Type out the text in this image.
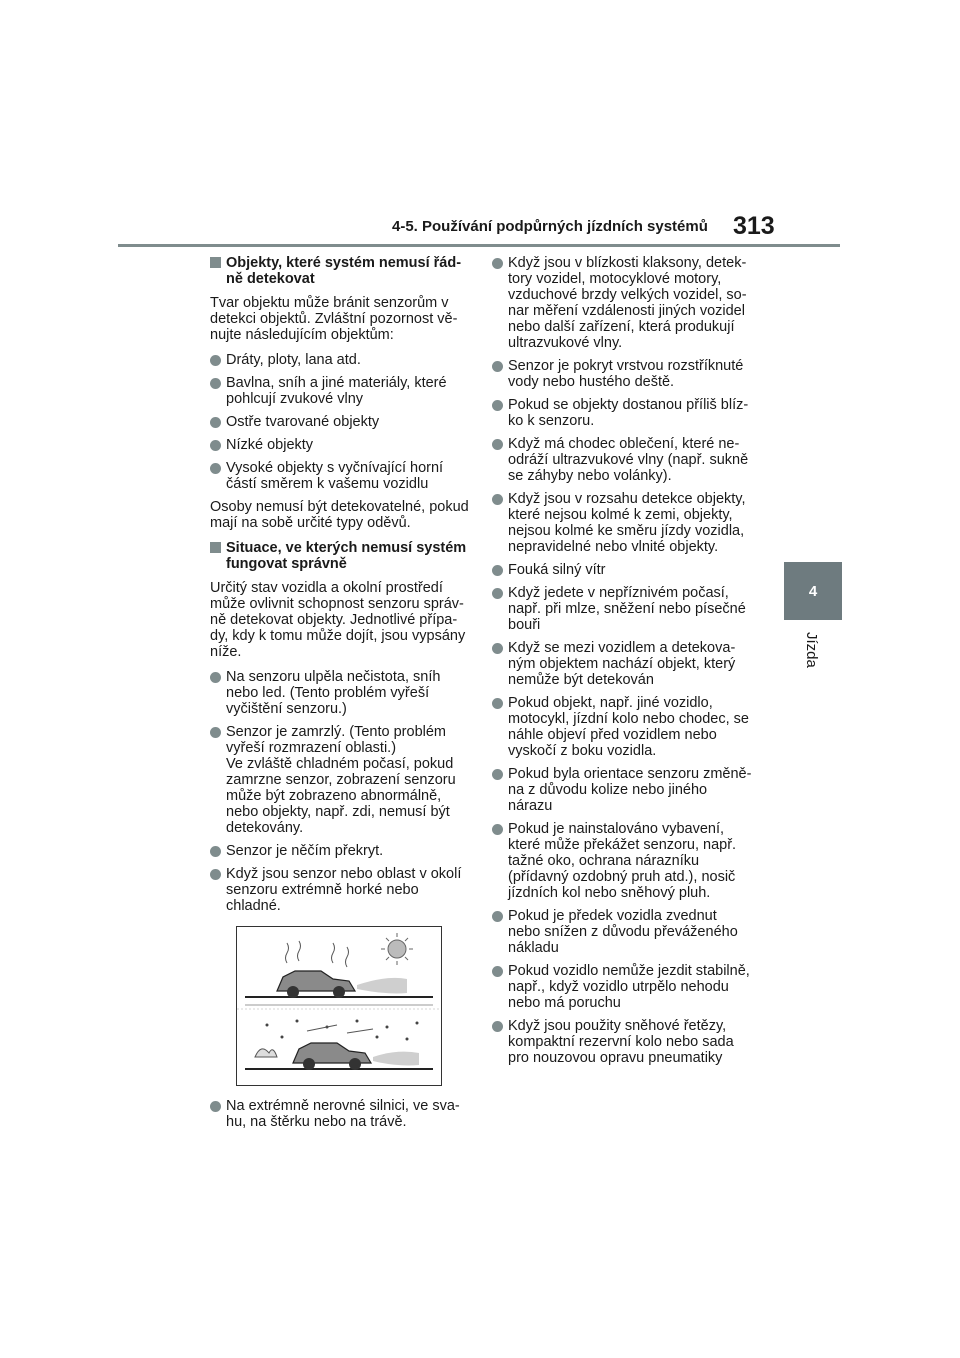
4-5. Používání podpůrných jízdních systémů 313
4
Jízda
Objekty, které systém nemusí řádně detekovat
Tvar objektu může bránit senzorům v detekci objektů. Zvláštní pozornost věnujte následujícím objektům:
Dráty, ploty, lana atd.
Bavlna, sníh a jiné materiály, které pohlcují zvukové vlny
Ostře tvarované objekty
Nízké objekty
Vysoké objekty s vyčnívající horní částí směrem k vašemu vozidlu
Osoby nemusí být detekovatelné, pokud mají na sobě určité typy oděvů.
Situace, ve kterých nemusí systém fungovat správně
Určitý stav vozidla a okolní prostředí může ovlivnit schopnost senzoru správně detekovat objekty. Jednotlivé případy, kdy k tomu může dojít, jsou vypsány níže.
Na senzoru ulpěla nečistota, sníh nebo led. (Tento problém vyřeší vyčištění senzoru.)
Senzor je zamrzlý. (Tento problém vyřeší rozmrazení oblasti.)
Ve zvláště chladném počasí, pokud zamrzne senzor, zobrazení senzoru může být zobrazeno abnormálně, nebo objekty, např. zdi, nemusí být detekovány.
Senzor je něčím překryt.
Když jsou senzor nebo oblast v okolí senzoru extrémně horké nebo chladné.
Na extrémně nerovné silnici, ve svahu, na štěrku nebo na trávě.
Když jsou v blízkosti klaksony, detektory vozidel, motocyklové motory, vzduchové brzdy velkých vozidel, sonar měření vzdálenosti jiných vozidel nebo další zařízení, která produkují ultrazvukové vlny.
Senzor je pokryt vrstvou rozstříknuté vody nebo hustého deště.
Pokud se objekty dostanou příliš blízko k senzoru.
Když má chodec oblečení, které neodráží ultrazvukové vlny (např. sukně se záhyby nebo volánky).
Když jsou v rozsahu detekce objekty, které nejsou kolmé k zemi, objekty, nejsou kolmé ke směru jízdy vozidla, nepravidelné nebo vlnité objekty.
Fouká silný vítr
Když jedete v nepříznivém počasí, např. při mlze, sněžení nebo písečné bouři
Když se mezi vozidlem a detekovaným objektem nachází objekt, který nemůže být detekován
Pokud objekt, např. jiné vozidlo, motocykl, jízdní kolo nebo chodec, se náhle objeví před vozidlem nebo vyskočí z boku vozidla.
Pokud byla orientace senzoru změněna z důvodu kolize nebo jiného nárazu
Pokud je nainstalováno vybavení, které může překážet senzoru, např. tažné oko, ochrana nárazníku (přídavný ozdobný pruh atd.), nosič jízdních kol nebo sněhový pluh.
Pokud je předek vozidla zvednut nebo snížen z důvodu převáženého nákladu
Pokud vozidlo nemůže jezdit stabilně, např., když vozidlo utrpělo nehodu nebo má poruchu
Když jsou použity sněhové řetězy, kompaktní rezervní kolo nebo sada pro nouzovou opravu pneumatiky
